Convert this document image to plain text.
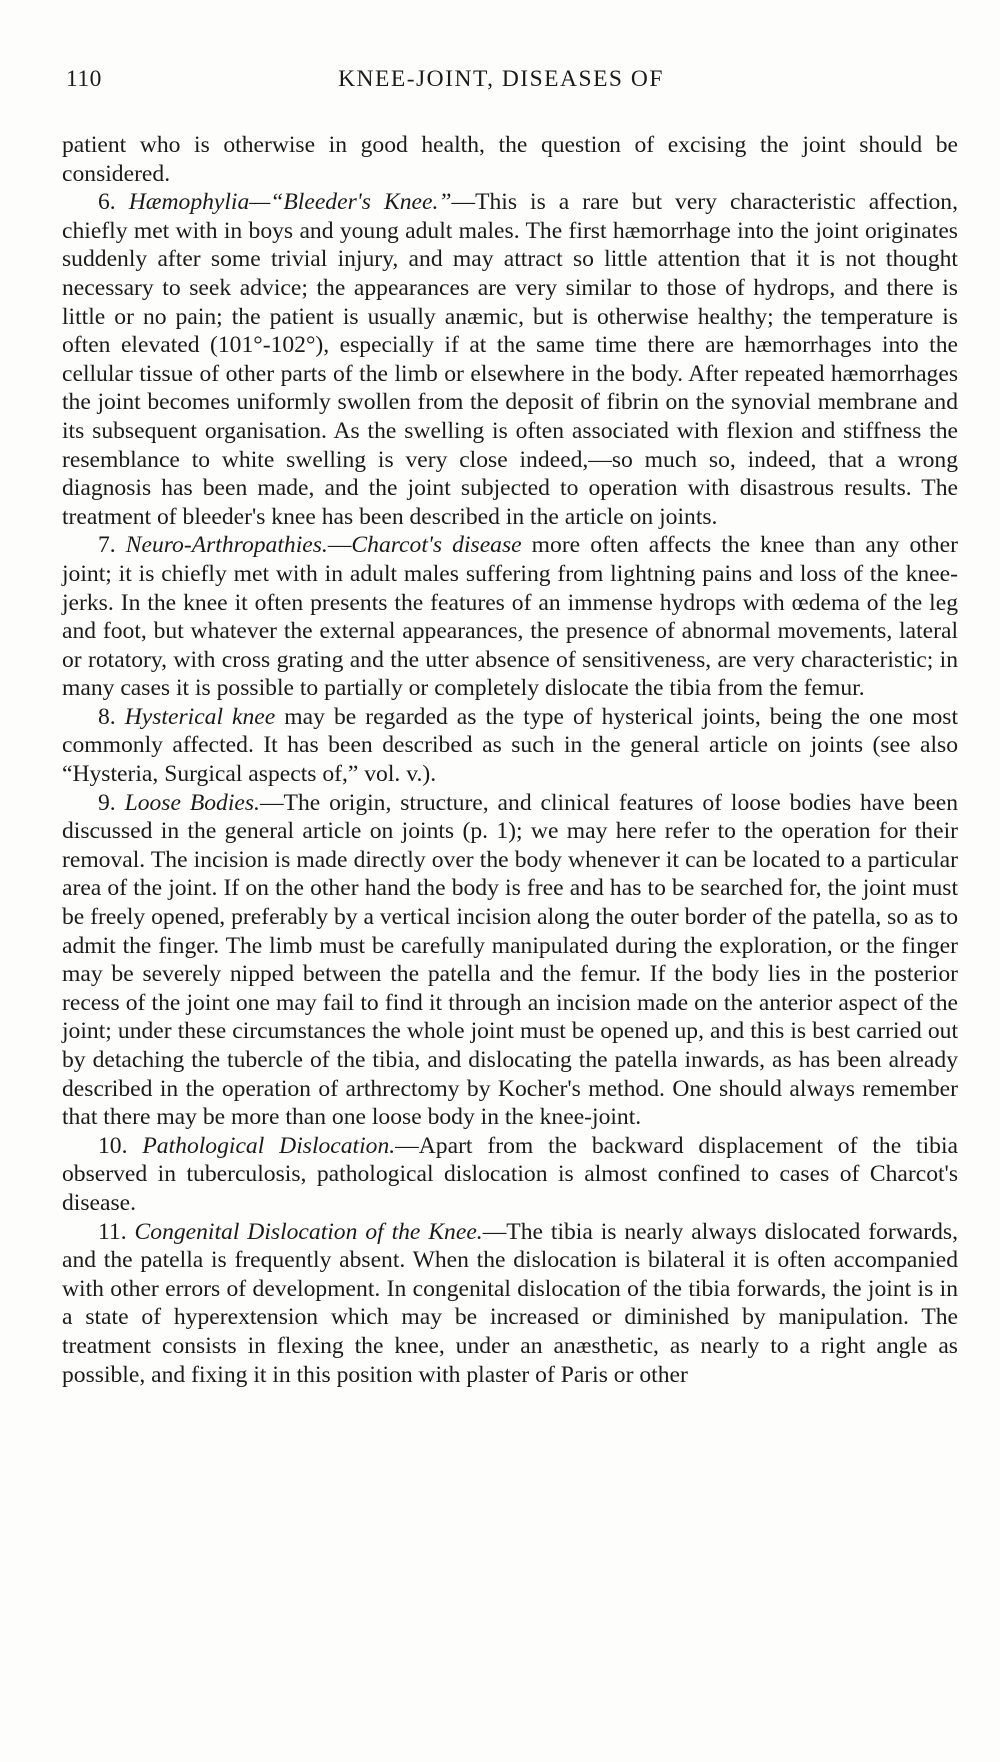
110	KNEE-JOINT, DISEASES OF

patient who is otherwise in good health, the question of excising the joint should be considered.

6. Hæmophylia—“Bleeder's Knee.”—This is a rare but very characteristic affection, chiefly met with in boys and young adult males. The first hæmorrhage into the joint originates suddenly after some trivial injury, and may attract so little attention that it is not thought necessary to seek advice; the appearances are very similar to those of hydrops, and there is little or no pain; the patient is usually anæmic, but is otherwise healthy; the temperature is often elevated (101°-102°), especially if at the same time there are hæmorrhages into the cellular tissue of other parts of the limb or elsewhere in the body. After repeated hæmorrhages the joint becomes uniformly swollen from the deposit of fibrin on the synovial membrane and its subsequent organisation. As the swelling is often associated with flexion and stiffness the resemblance to white swelling is very close indeed,—so much so, indeed, that a wrong diagnosis has been made, and the joint subjected to operation with disastrous results. The treatment of bleeder's knee has been described in the article on joints.

7. Neuro-Arthropathies.—Charcot's disease more often affects the knee than any other joint; it is chiefly met with in adult males suffering from lightning pains and loss of the knee-jerks. In the knee it often presents the features of an immense hydrops with œdema of the leg and foot, but whatever the external appearances, the presence of abnormal movements, lateral or rotatory, with cross grating and the utter absence of sensitiveness, are very characteristic; in many cases it is possible to partially or completely dislocate the tibia from the femur.

8. Hysterical knee may be regarded as the type of hysterical joints, being the one most commonly affected. It has been described as such in the general article on joints (see also “Hysteria, Surgical aspects of,” vol. v.).

9. Loose Bodies.—The origin, structure, and clinical features of loose bodies have been discussed in the general article on joints (p. 1); we may here refer to the operation for their removal. The incision is made directly over the body whenever it can be located to a particular area of the joint. If on the other hand the body is free and has to be searched for, the joint must be freely opened, preferably by a vertical incision along the outer border of the patella, so as to admit the finger. The limb must be carefully manipulated during the exploration, or the finger may be severely nipped between the patella and the femur. If the body lies in the posterior recess of the joint one may fail to find it through an incision made on the anterior aspect of the joint; under these circumstances the whole joint must be opened up, and this is best carried out by detaching the tubercle of the tibia, and dislocating the patella inwards, as has been already described in the operation of arthrectomy by Kocher's method. One should always remember that there may be more than one loose body in the knee-joint.

10. Pathological Dislocation.—Apart from the backward displacement of the tibia observed in tuberculosis, pathological dislocation is almost confined to cases of Charcot's disease.

11. Congenital Dislocation of the Knee.—The tibia is nearly always dislocated forwards, and the patella is frequently absent. When the dislocation is bilateral it is often accompanied with other errors of development. In congenital dislocation of the tibia forwards, the joint is in a state of hyperextension which may be increased or diminished by manipulation. The treatment consists in flexing the knee, under an anæsthetic, as nearly to a right angle as possible, and fixing it in this position with plaster of Paris or other
